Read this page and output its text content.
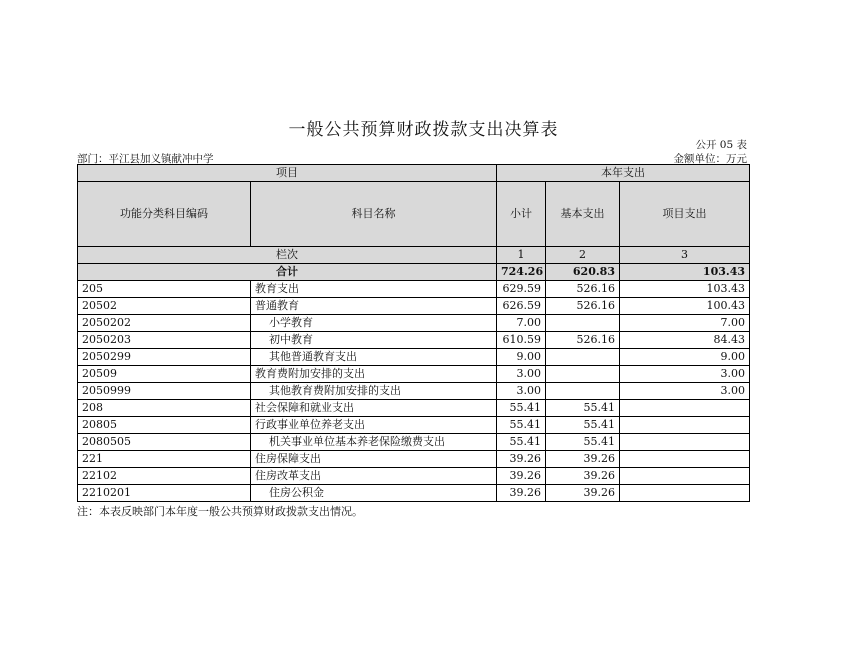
一般公共预算财政拨款支出决算表
公开 05 表
部门：平江县加义镇献冲中学	金额单位：万元
项目		本年支出		
功能分类科目编码	科目名称	小计	基本支出	项目支出
栏次		1	2	3
合计		724.26	620.83	103.43
205	教育支出	629.59	526.16	103.43
20502	普通教育	626.59	526.16	100.43
2050202	小学教育	7.00		7.00
2050203	初中教育	610.59	526.16	84.43
2050299	其他普通教育支出	9.00		9.00
20509	教育费附加安排的支出	3.00		3.00
2050999	其他教育费附加安排的支出	3.00		3.00
208	社会保障和就业支出	55.41	55.41	
20805	行政事业单位养老支出	55.41	55.41	
2080505	机关事业单位基本养老保险缴费支出	55.41	55.41	
221	住房保障支出	39.26	39.26	
22102	住房改革支出	39.26	39.26	
2210201	住房公积金	39.26	39.26	
注：本表反映部门本年度一般公共预算财政拨款支出情况。
